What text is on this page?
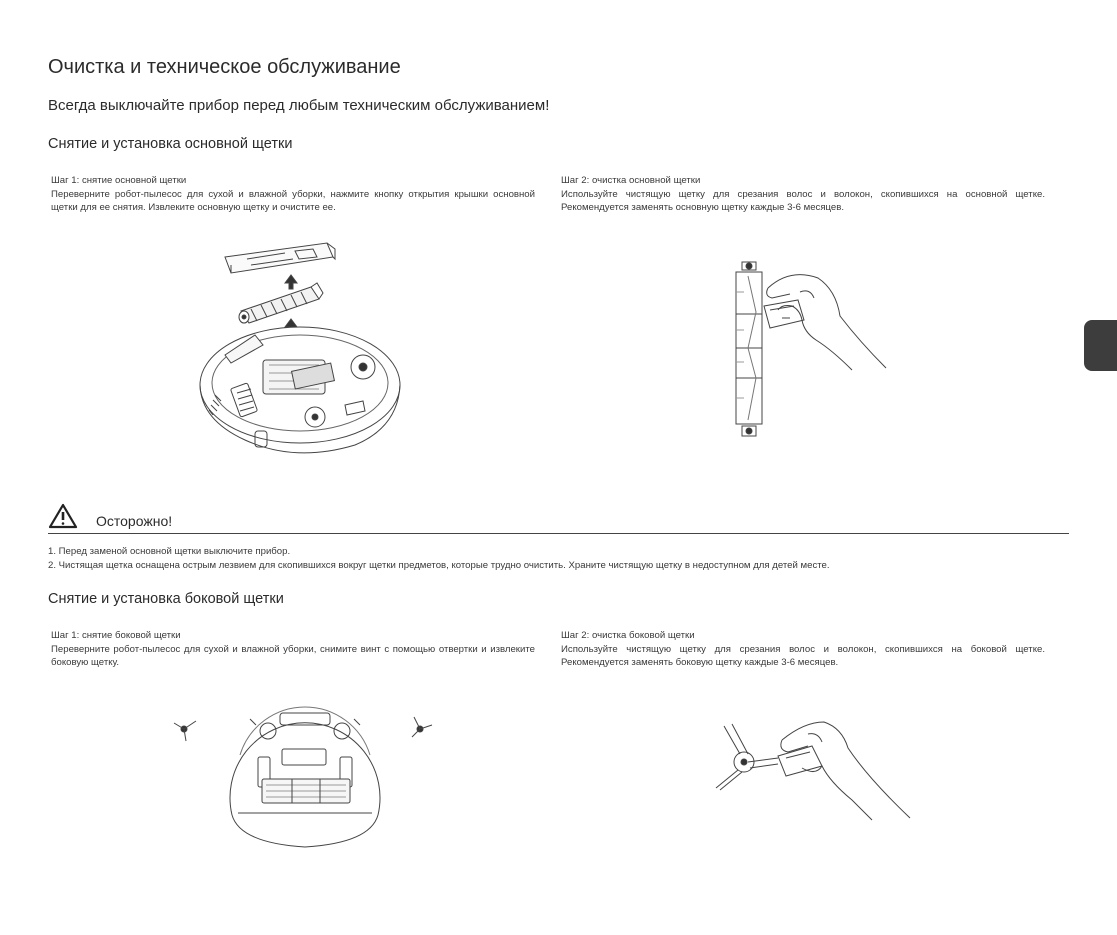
Очистка и техническое обслуживание
Всегда выключайте прибор перед любым техническим обслуживанием!
Снятие и установка основной щетки
Шаг 1: снятие основной щетки
Переверните робот-пылесос для сухой и влажной уборки, нажмите кнопку открытия крышки основной щетки для ее снятия. Извлеките основную щетку и очистите ее.
Шаг 2: очистка основной щетки
Используйте чистящую щетку для срезания волос и волокон, скопившихся на основной щетке. Рекомендуется заменять основную щетку каждые 3-6 месяцев.
Осторожно!
1. Перед заменой основной щетки выключите прибор.
2. Чистящая щетка оснащена острым лезвием для скопившихся вокруг щетки предметов, которые трудно очистить. Храните чистящую щетку в недоступном для детей месте.
Снятие и установка боковой щетки
Шаг 1: снятие боковой щетки
Переверните робот-пылесос для сухой и влажной уборки, снимите винт с помощью отвертки и извлеките боковую щетку.
Шаг 2: очистка боковой щетки
Используйте чистящую щетку для срезания волос и волокон, скопившихся на боковой щетке. Рекомендуется заменять боковую щетку каждые 3-6 месяцев.
